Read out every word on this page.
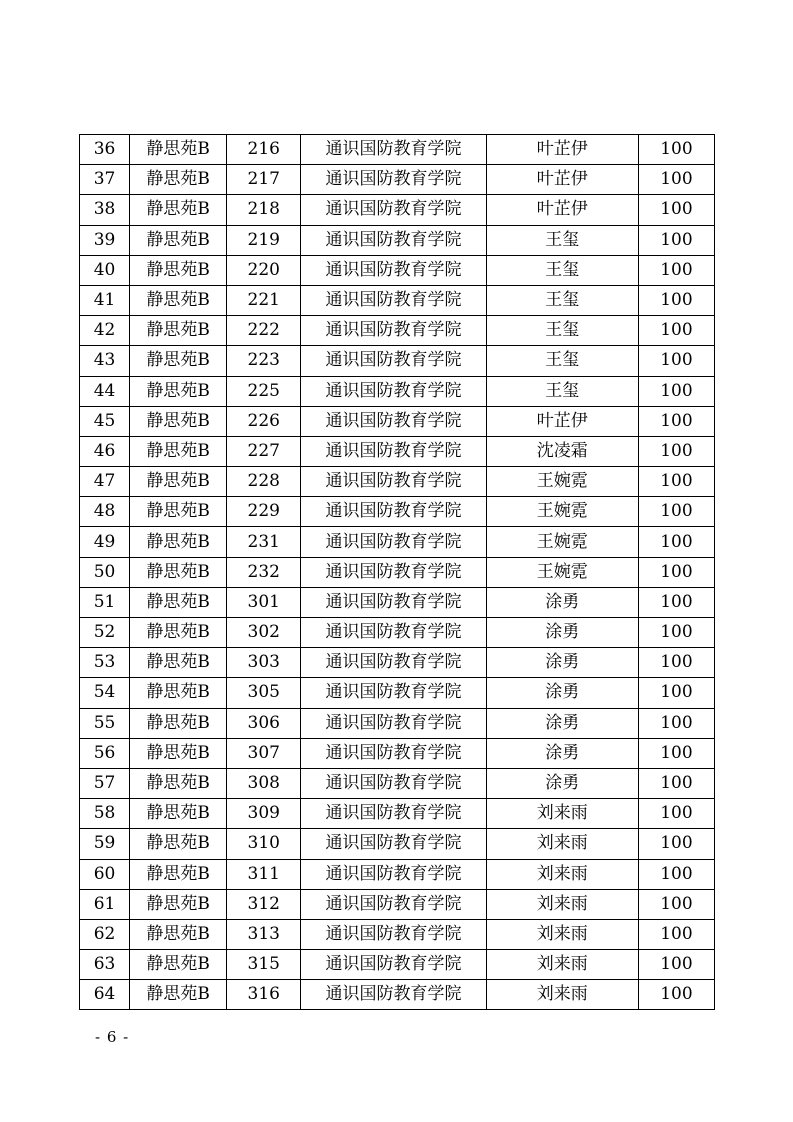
36	静思苑B	216	通识国防教育学院	叶芷伊	100
37	静思苑B	217	通识国防教育学院	叶芷伊	100
38	静思苑B	218	通识国防教育学院	叶芷伊	100
39	静思苑B	219	通识国防教育学院	王玺	100
40	静思苑B	220	通识国防教育学院	王玺	100
41	静思苑B	221	通识国防教育学院	王玺	100
42	静思苑B	222	通识国防教育学院	王玺	100
43	静思苑B	223	通识国防教育学院	王玺	100
44	静思苑B	225	通识国防教育学院	王玺	100
45	静思苑B	226	通识国防教育学院	叶芷伊	100
46	静思苑B	227	通识国防教育学院	沈凌霜	100
47	静思苑B	228	通识国防教育学院	王婉霓	100
48	静思苑B	229	通识国防教育学院	王婉霓	100
49	静思苑B	231	通识国防教育学院	王婉霓	100
50	静思苑B	232	通识国防教育学院	王婉霓	100
51	静思苑B	301	通识国防教育学院	涂勇	100
52	静思苑B	302	通识国防教育学院	涂勇	100
53	静思苑B	303	通识国防教育学院	涂勇	100
54	静思苑B	305	通识国防教育学院	涂勇	100
55	静思苑B	306	通识国防教育学院	涂勇	100
56	静思苑B	307	通识国防教育学院	涂勇	100
57	静思苑B	308	通识国防教育学院	涂勇	100
58	静思苑B	309	通识国防教育学院	刘来雨	100
59	静思苑B	310	通识国防教育学院	刘来雨	100
60	静思苑B	311	通识国防教育学院	刘来雨	100
61	静思苑B	312	通识国防教育学院	刘来雨	100
62	静思苑B	313	通识国防教育学院	刘来雨	100
63	静思苑B	315	通识国防教育学院	刘来雨	100
64	静思苑B	316	通识国防教育学院	刘来雨	100
- 6 -
